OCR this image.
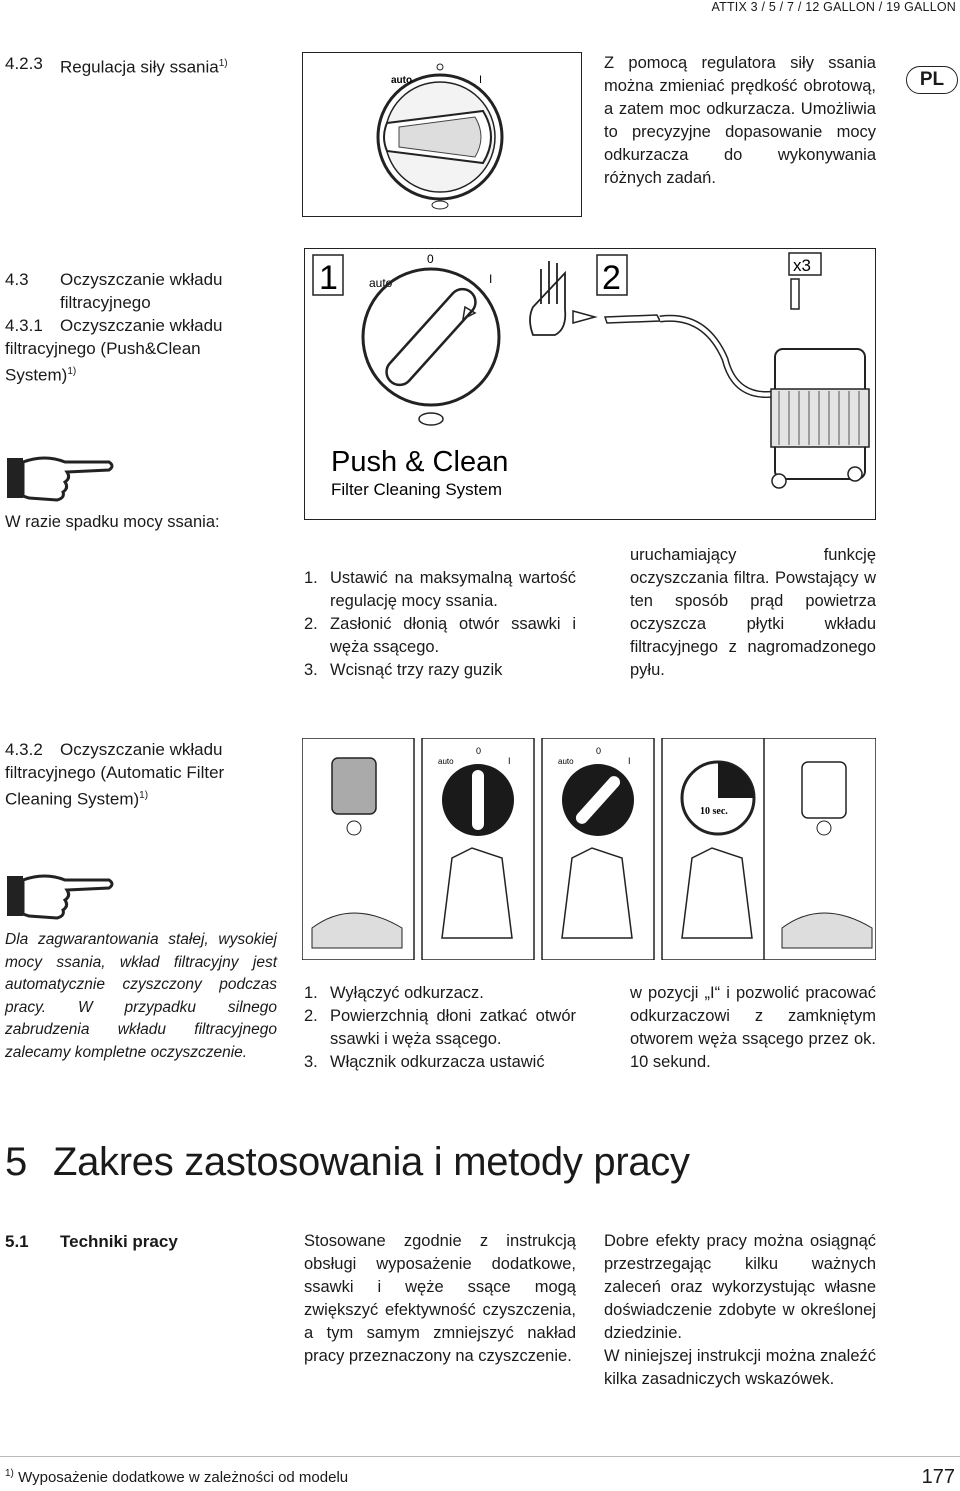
ATTIX 3 / 5 / 7 / 12 GALLON / 19 GALLON
PL
4.2.3 Regulacja siły ssania$^{1)}$
auto	I
Z pomocą regulatora siły ssania można zmieniać prędkość obrotową, a zatem moc odkurzacza. Umożliwia to precyzyjne dopasowanie mocy odkurzacza do wykonywania różnych zadań.
4.3 Oczyszczanie wkładu filtracyjnego
4.3.1	Oczyszczanie wkładu filtracyjnego (Push&Clean System)$^{1)}$
1	auto
0
I	2	x3
Push & Clean
Filter Cleaning System
W razie spadku mocy ssania:
1. Ustawić na maksymalną wartość regulację mocy ssania.
2. Zasłonić dłonią otwór ssawki i węża ssącego.
3. Wcisnąć trzy razy guzik
uruchamiający funkcję oczyszczania filtra. Powstający w ten sposób prąd powietrza oczyszcza płytki wkładu filtracyjnego z nagromadzonego pyłu.
4.3.2	Oczyszczanie wkładu filtracyjnego (Automatic Filter Cleaning System)$^{1)}$
auto
0
I	auto
0
I
10 sec.
Dla zagwarantowania stałej, wysokiej mocy ssania, wkład filtracyjny jest automatycznie czyszczony podczas pracy. W przypadku silnego zabrudzenia wkładu filtracyjnego zalecamy kompletne oczyszczenie.
1. Wyłączyć odkurzacz.
2. Powierzchnią dłoni zatkać otwór ssawki i węża ssącego.
3. Włącznik odkurzacza ustawić
w pozycji „I“ i pozwolić pracować odkurzaczowi z zamkniętym otworem węża ssącego przez ok. 10 sekund.
5 Zakres zastosowania i metody pracy
5.1 Techniki pracy	Stosowane zgodnie z instrukcją obsługi wyposażenie dodatkowe, ssawki i węże ssące mogą zwiększyć efektywność czyszczenia, a tym samym zmniejszyć nakład pracy przeznaczony na czyszczenie.

Dobre efekty pracy można osiągnąć przestrzegając kilku ważnych zaleceń oraz wykorzystując własne doświadczenie zdobyte w określonej dziedzinie.

W niniejszej instrukcji można znaleźć kilka zasadniczych wskazówek.

$^{1)}$ Wyposażenie dodatkowe w zależności od modelu	177
